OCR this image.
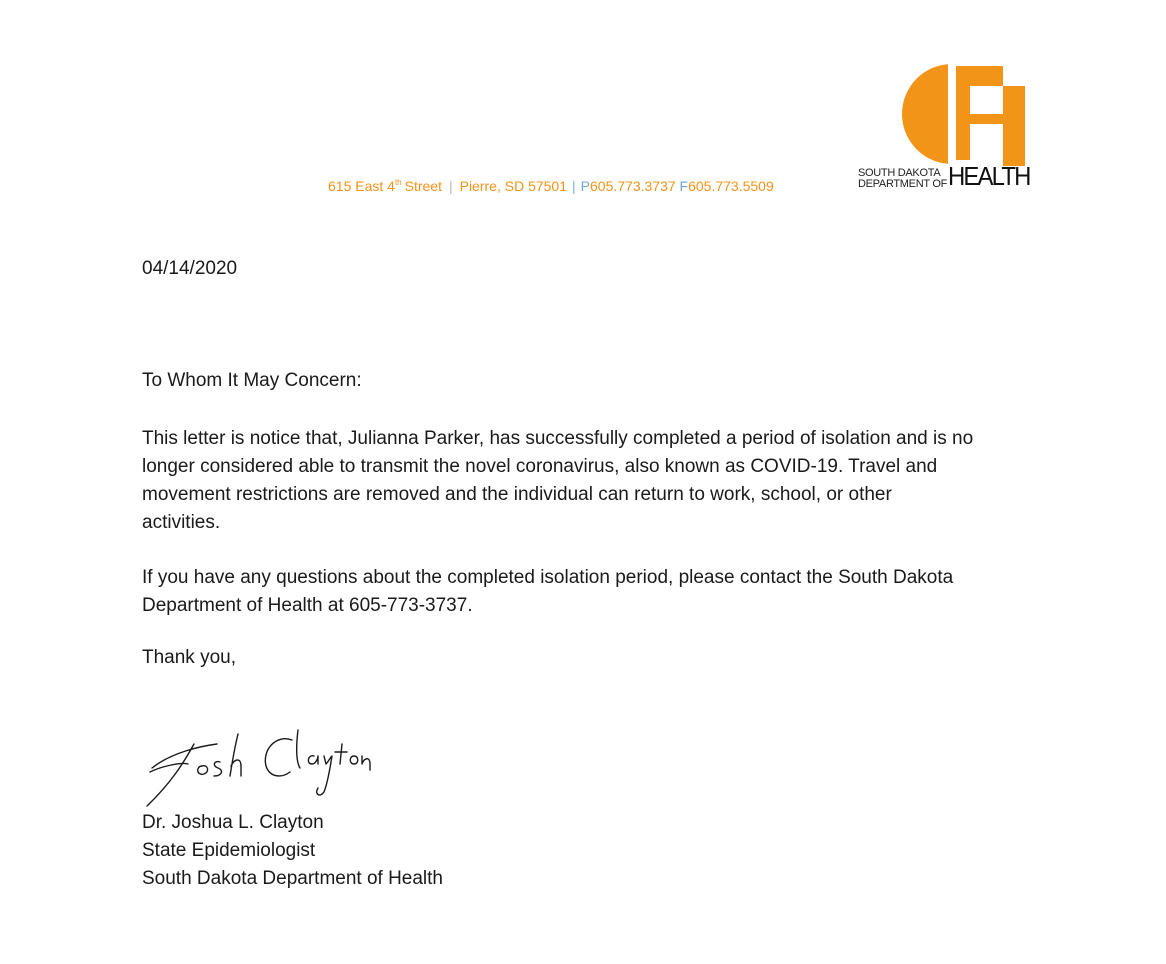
615 East 4th Street | Pierre, SD 57501 | P605.773.3737 F605.773.5509
SOUTH DAKOTA
DEPARTMENT OF HEALTH
04/14/2020
To Whom It May Concern:
This letter is notice that, Julianna Parker, has successfully completed a period of isolation and is no
longer considered able to transmit the novel coronavirus, also known as COVID-19. Travel and
movement restrictions are removed and the individual can return to work, school, or other
activities.
If you have any questions about the completed isolation period, please contact the South Dakota
Department of Health at 605-773-3737.
Thank you,
Dr. Joshua L. Clayton
State Epidemiologist
South Dakota Department of Health
